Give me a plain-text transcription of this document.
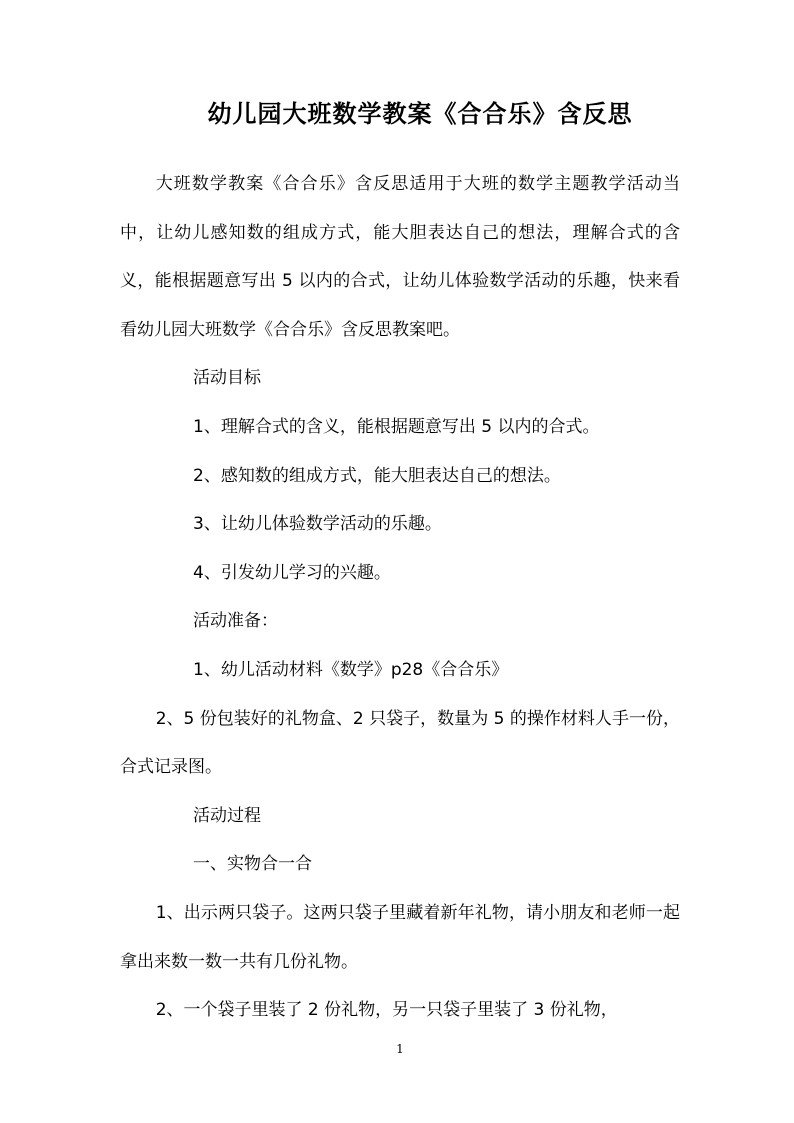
幼儿园大班数学教案《合合乐》含反思

大班数学教案《合合乐》含反思适用于大班的数学主题教学活动当中，让幼儿感知数的组成方式，能大胆表达自己的想法，理解合式的含义，能根据题意写出 5 以内的合式，让幼儿体验数学活动的乐趣，快来看看幼儿园大班数学《合合乐》含反思教案吧。

活动目标

1、理解合式的含义，能根据题意写出 5 以内的合式。

2、感知数的组成方式，能大胆表达自己的想法。

3、让幼儿体验数学活动的乐趣。

4、引发幼儿学习的兴趣。

活动准备：

1、幼儿活动材料《数学》p28《合合乐》

2、5 份包装好的礼物盒、2 只袋子，数量为 5 的操作材料人手一份，合式记录图。

活动过程

一、实物合一合

1、出示两只袋子。这两只袋子里藏着新年礼物，请小朋友和老师一起拿出来数一数一共有几份礼物。

2、一个袋子里装了 2 份礼物，另一只袋子里装了 3 份礼物，

1
